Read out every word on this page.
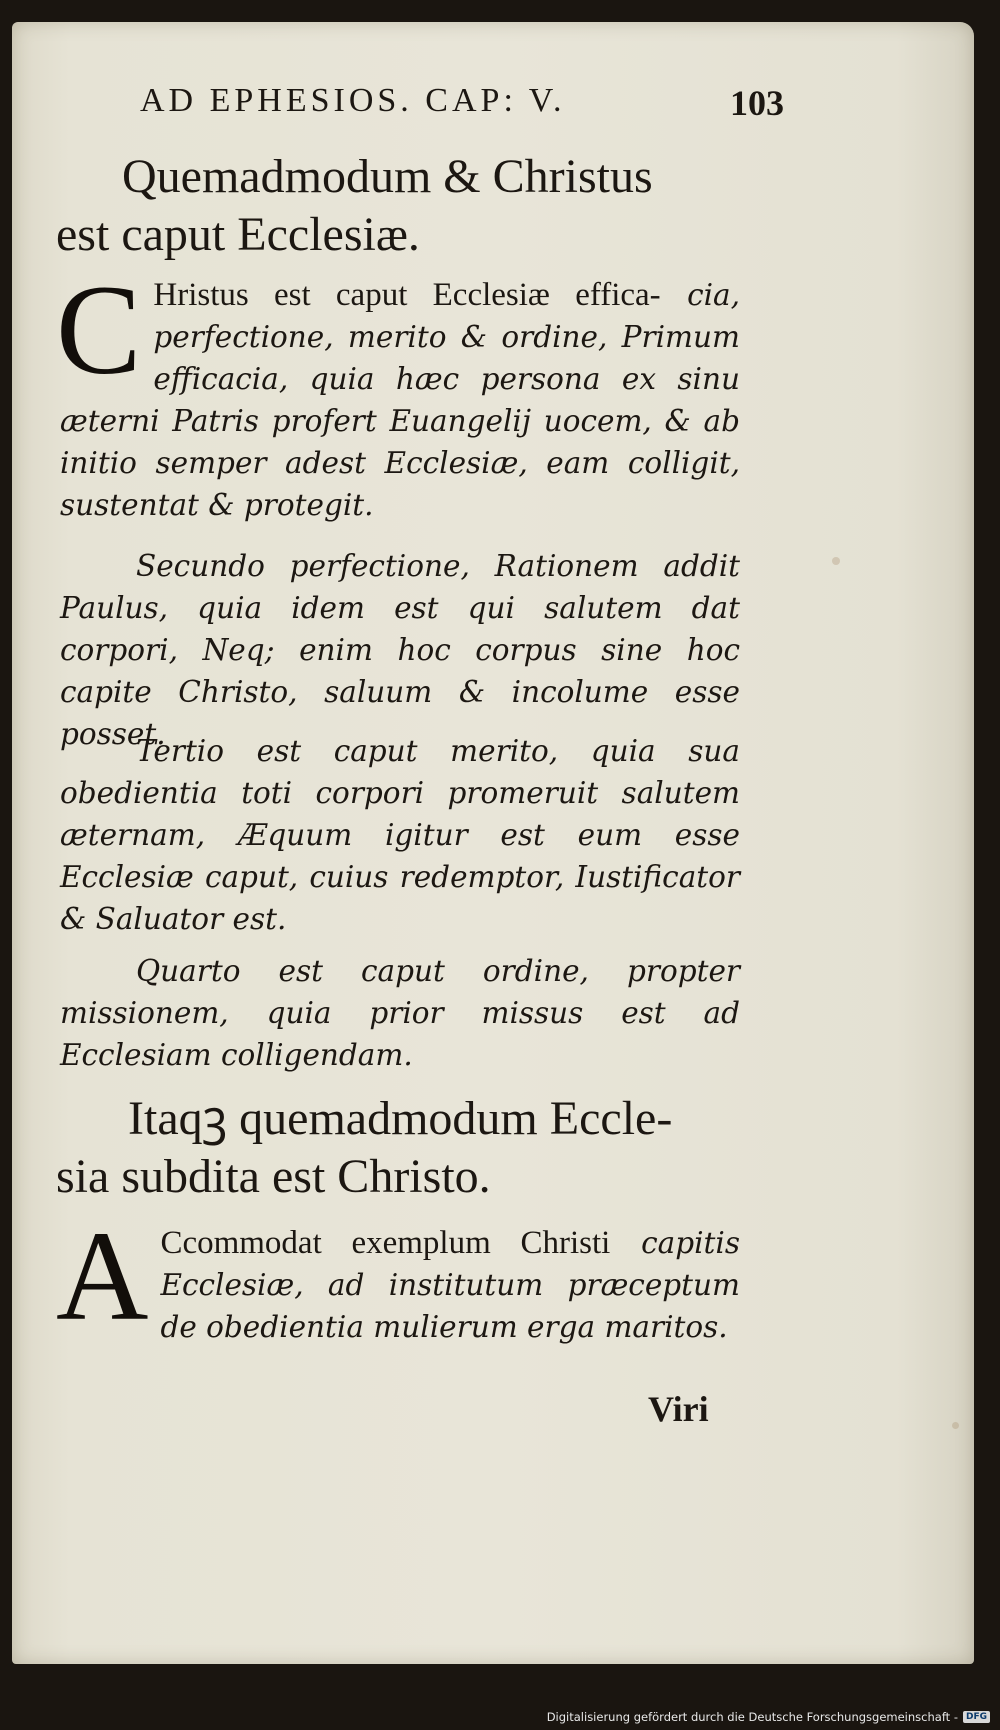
AD EPHESIOS. CAP: V.	103
Quemadmodum & Christus
est caput Ecclesiæ.
C Hristus est caput Ecclesiæ effica- cia, perfectione, merito & ordine, Primum efficacia, quia hæc persona ex sinu æterni Patris profert Euangelij uocem, & ab initio semper adest Ecclesiæ, eam colligit, sustentat & protegit.
Secundo perfectione, Rationem addit Paulus, quia idem est qui salutem dat corpori, Neq; enim hoc corpus sine hoc capite Christo, saluum & incolume esse posset.
Tertio est caput merito, quia sua obedientia toti corpori promeruit salutem æternam, Æquum igitur est eum esse Ecclesiæ caput, cuius redemptor, Iustificator & Saluator est.
Quarto est caput ordine, propter missionem, quia prior missus est ad Ecclesiam colligendam.
Itaqꝫ quemadmodum Eccle-
sia subdita est Christo.
A Ccommodat exemplum Christi capitis Ecclesiæ, ad institutum præceptum de obedientia mulierum erga maritos.
Viri
Digitalisierung gefördert durch die Deutsche Forschungsgemeinschaft - DFG
